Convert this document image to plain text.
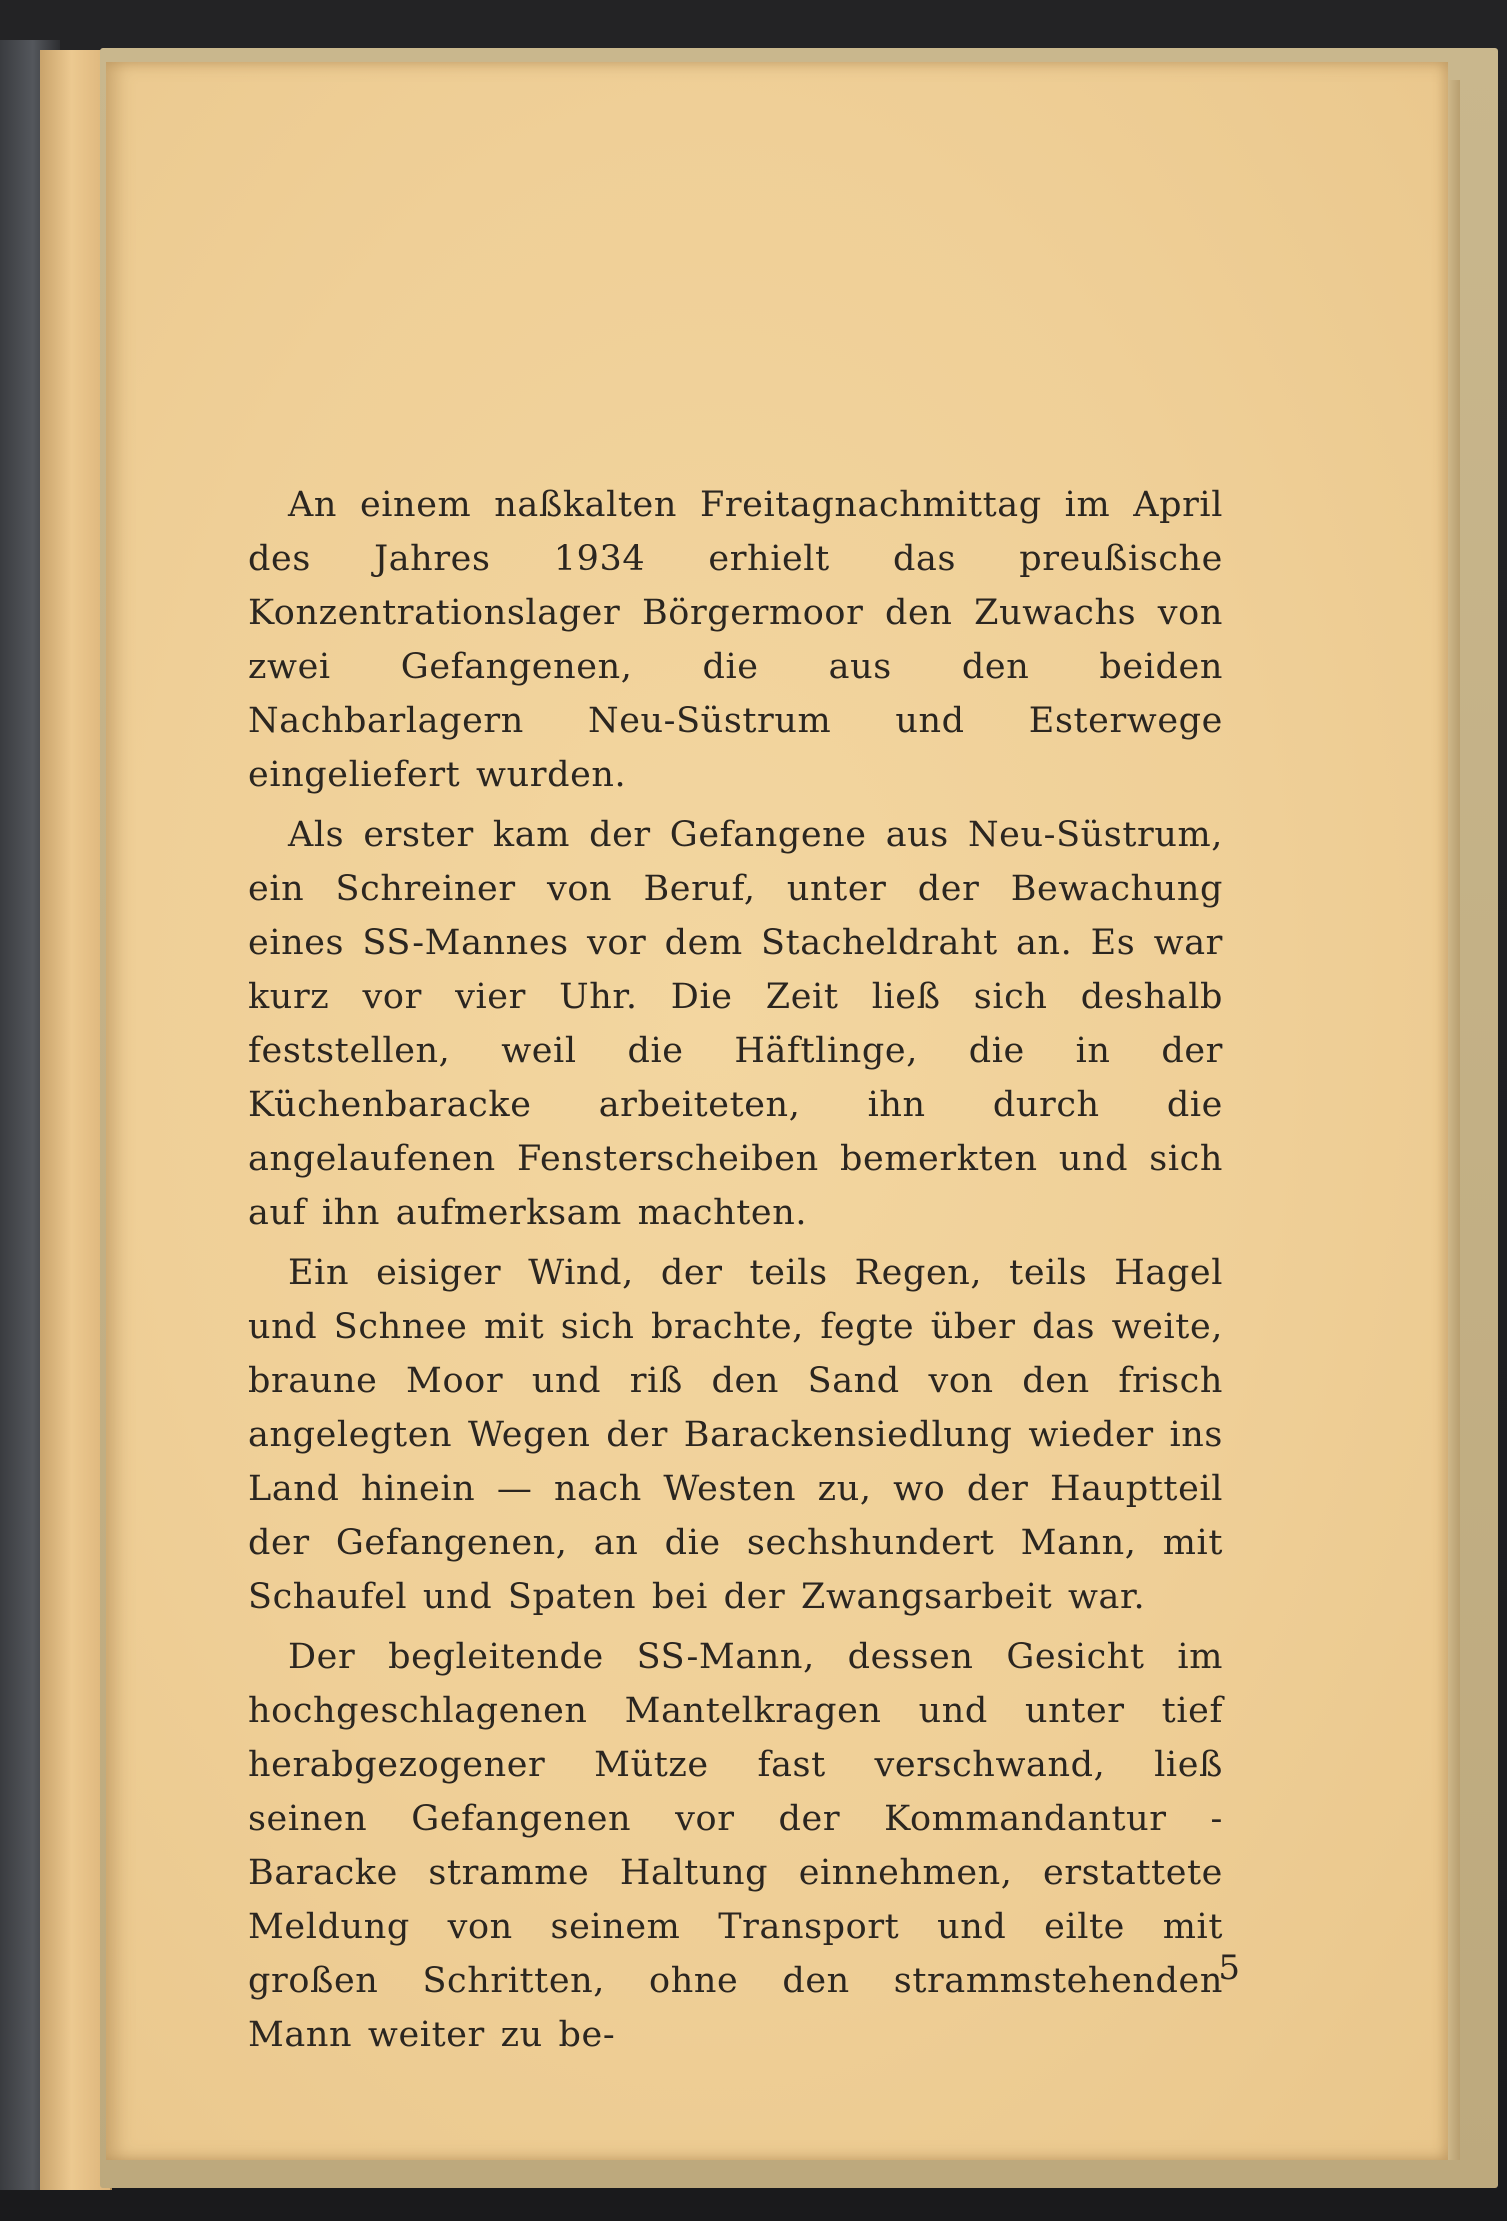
An einem naßkalten Freitagnachmittag im April des Jahres 1934 erhielt das preußische Konzentrationslager Börgermoor den Zuwachs von zwei Gefangenen, die aus den beiden Nachbarlagern Neu-Süstrum und Esterwege eingeliefert wurden.

Als erster kam der Gefangene aus Neu-Süstrum, ein Schreiner von Beruf, unter der Bewachung eines SS-Mannes vor dem Stacheldraht an. Es war kurz vor vier Uhr. Die Zeit ließ sich deshalb feststellen, weil die Häftlinge, die in der Küchenbaracke arbeiteten, ihn durch die angelaufenen Fensterscheiben bemerkten und sich auf ihn aufmerksam machten.

Ein eisiger Wind, der teils Regen, teils Hagel und Schnee mit sich brachte, fegte über das weite, braune Moor und riß den Sand von den frisch angelegten Wegen der Barackensiedlung wieder ins Land hinein — nach Westen zu, wo der Hauptteil der Gefangenen, an die sechshundert Mann, mit Schaufel und Spaten bei der Zwangsarbeit war.

Der begleitende SS-Mann, dessen Gesicht im hochgeschlagenen Mantelkragen und unter tief herabgezogener Mütze fast verschwand, ließ seinen Gefangenen vor der Kommandantur - Baracke stramme Haltung einnehmen, erstattete Meldung von seinem Transport und eilte mit großen Schritten, ohne den strammstehenden Mann weiter zu be-

5
